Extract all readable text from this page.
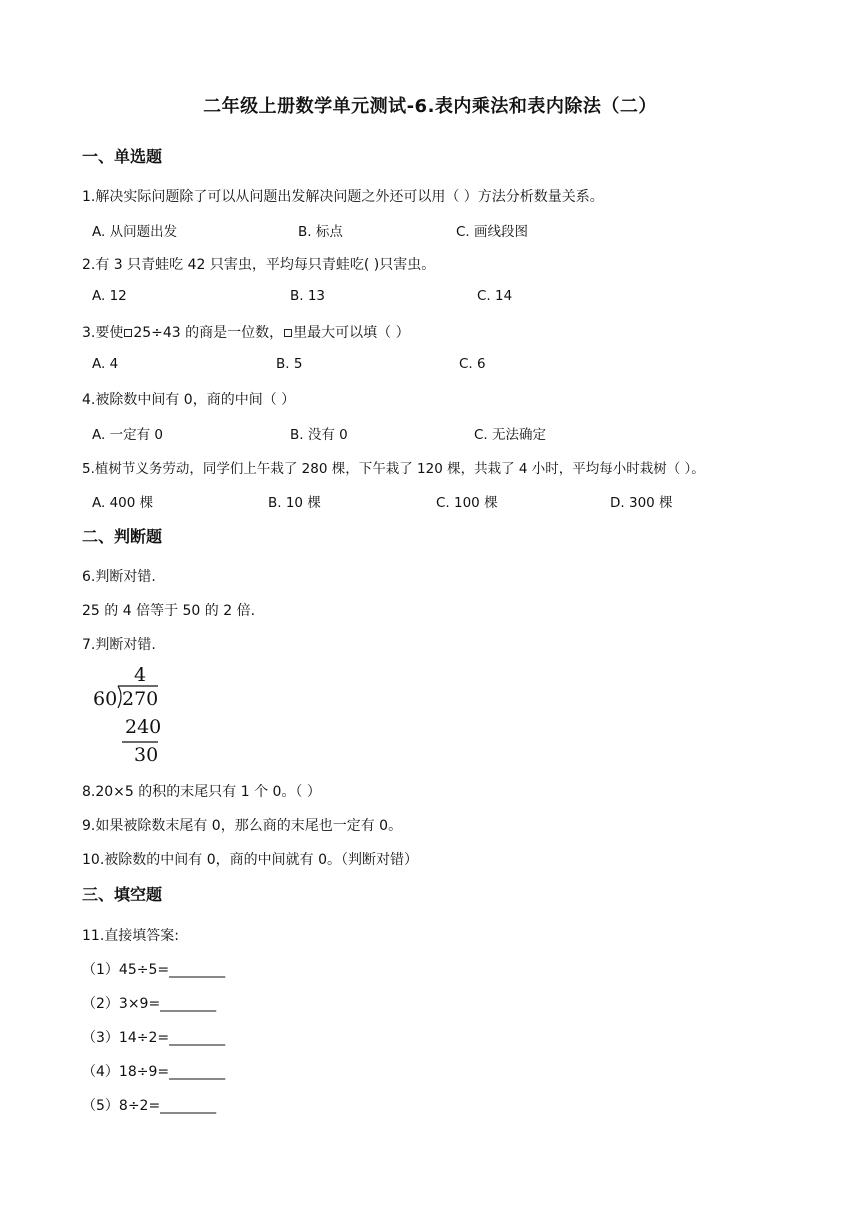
二年级上册数学单元测试-6.表内乘法和表内除法（二）
一、单选题
1.解决实际问题除了可以从问题出发解决问题之外还可以用（ ）方法分析数量关系。
A. 从问题出发	B. 标点	C. 画线段图
2.有 3 只青蛙吃 42 只害虫，平均每只青蛙吃( )只害虫。
A. 12	B. 13	C. 14
3.要使 25÷43 的商是一位数， 里最大可以填（ ）
A. 4	B. 5	C. 6
4.被除数中间有 0，商的中间（ ）
A. 一定有 0	B. 没有 0	C. 无法确定
5.植树节义务劳动，同学们上午栽了 280 棵，下午栽了 120 棵，共栽了 4 小时，平均每小时栽树（ ）。
A. 400 棵	B. 10 棵	C. 100 棵	D. 300 棵
二、判断题
6.判断对错.
25 的 4 倍等于 50 的 2 倍.
7.判断对错.
4
60 270
240
30
8.20×5 的积的末尾只有 1 个 0。（ ）
9.如果被除数末尾有 0，那么商的末尾也一定有 0。
10.被除数的中间有 0，商的中间就有 0。（判断对错）
三、填空题
11.直接填答案:
（1）45÷5=________
（2）3×9=________
（3）14÷2=________
（4）18÷9=________
（5）8÷2=________
